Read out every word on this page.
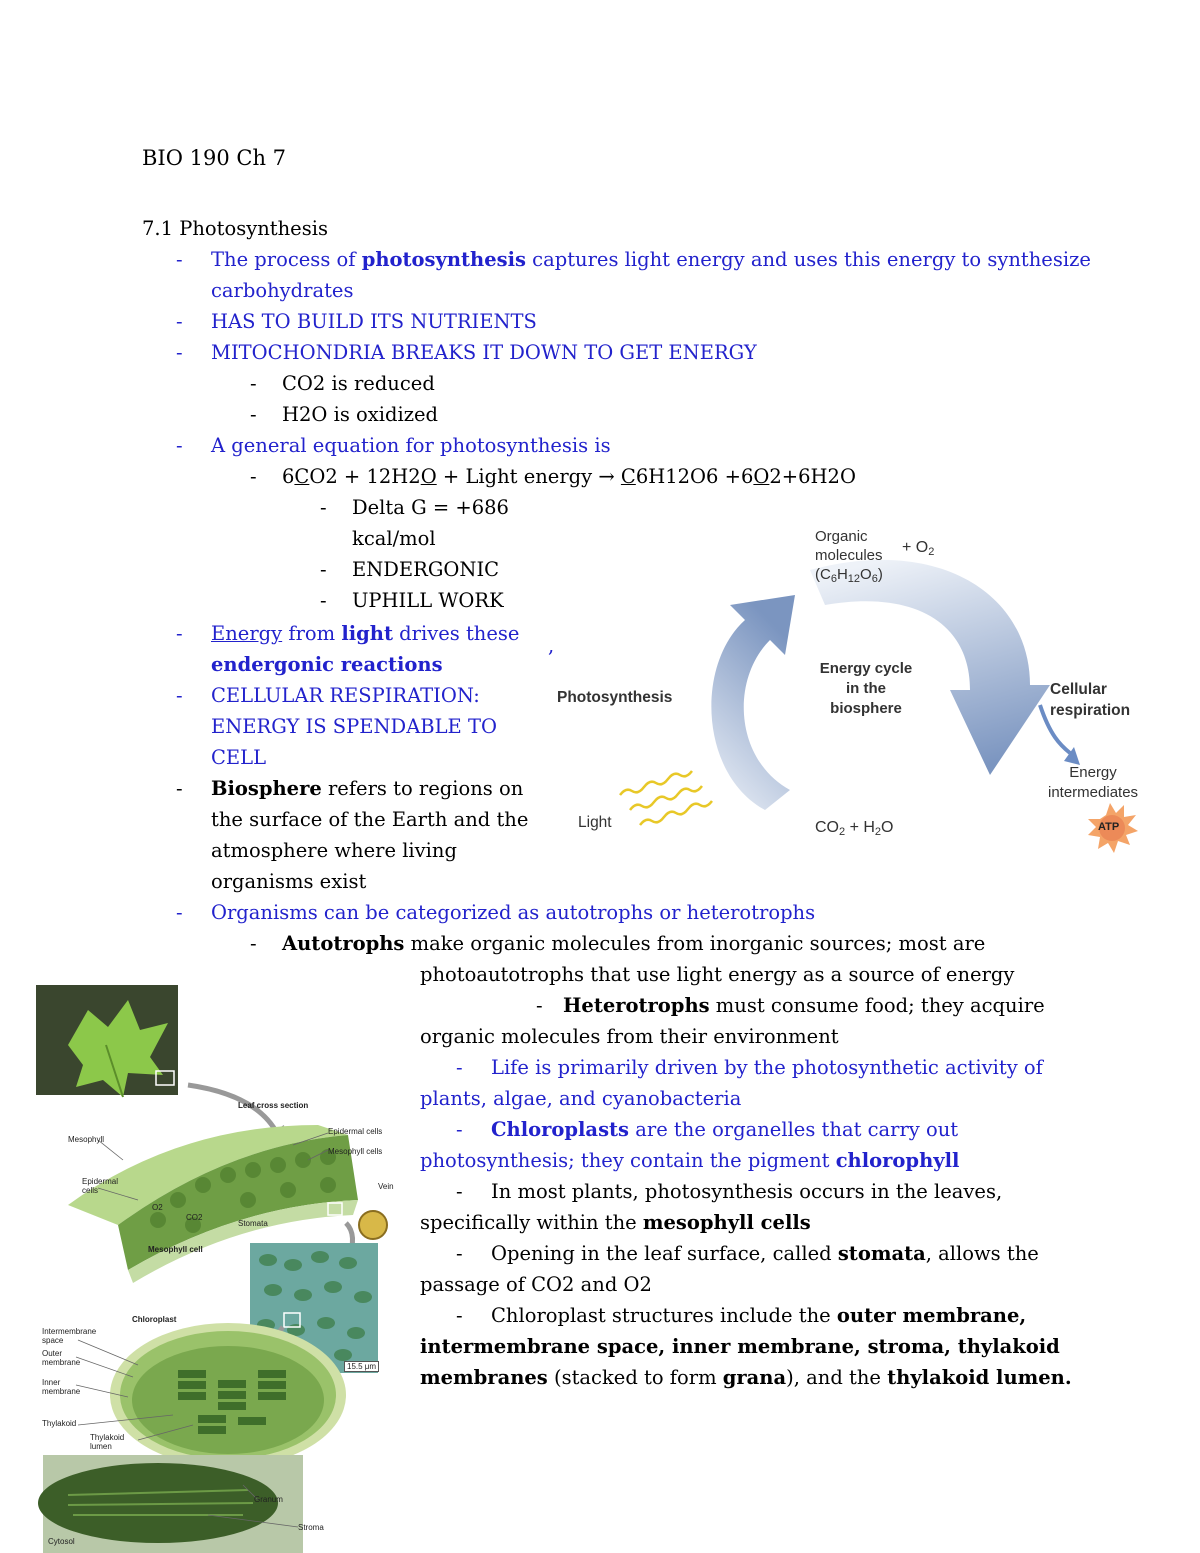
BIO 190 Ch 7
7.1 Photosynthesis
- The process of photosynthesis captures light energy and uses this energy to synthesize
carbohydrates
- HAS TO BUILD ITS NUTRIENTS
- MITOCHONDRIA BREAKS IT DOWN TO GET ENERGY
- CO2 is reduced
- H2O is oxidized
- A general equation for photosynthesis is
- 6CO2 + 12H2O + Light energy → C6H12O6 +6O2+6H2O
- Delta G = +686
kcal/mol
- ENDERGONIC
- UPHILL WORK
- Energy from light drives these
endergonic reactions
,
- CELLULAR RESPIRATION:
ENERGY IS SPENDABLE TO
CELL
- Biosphere refers to regions on
the surface of the Earth and the
atmosphere where living
organisms exist
- Organisms can be categorized as autotrophs or heterotrophs
- Autotrophs make organic molecules from inorganic sources; most are
photoautotrophs that use light energy as a source of energy
- Heterotrophs must consume food; they acquire
organic molecules from their environment
- Life is primarily driven by the photosynthetic activity of
plants, algae, and cyanobacteria
- Chloroplasts are the organelles that carry out
photosynthesis; they contain the pigment chlorophyll
- In most plants, photosynthesis occurs in the leaves,
specifically within the mesophyll cells
- Opening in the leaf surface, called stomata, allows the
passage of CO2 and O2
- Chloroplast structures include the outer membrane,
intermembrane space, inner membrane, stroma, thylakoid
membranes (stacked to form grana), and the thylakoid lumen.
Organic
molecules
$(C_6H_{12}O_6)$
+ $O_2$
Energy cycle
in the
biosphere
Photosynthesis	Cellular
respiration
Energy
intermediates
ATP
Light	$CO_2 + H_2O$
Leaf cross section
Mesophyll
Epidermal cells
Mesophyll cells
Epidermal
cells	Vein
O2
CO2
Stomata
Mesophyll cell
Chloroplast
Intermembrane
space
Outer
membrane
Inner
membrane
Thylakoid
Thylakoid
lumen
15.5 μm
Granum
Stroma
Cytosol
